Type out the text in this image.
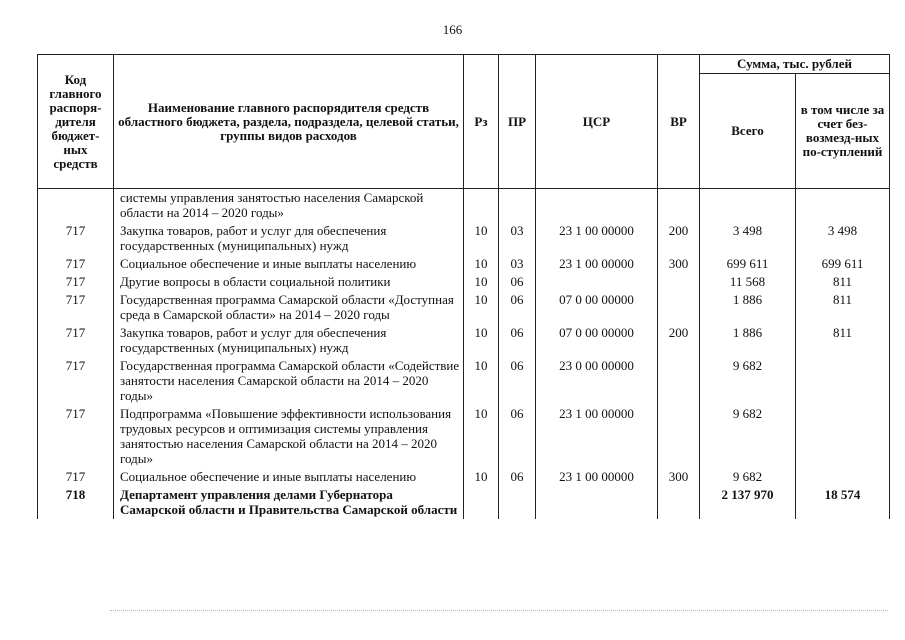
166
Код главного распоря-дителя бюджет-ных средств	Наименование главного распорядителя средств областного бюджета, раздела, подраздела, целевой статьи, группы видов расходов	Рз	ПР	ЦСР	ВР	Сумма, тыс. рублей	
						Всего	в том числе за счет без-возмезд-ных по-ступлений
	системы управления занятостью населения Самарской области на 2014 – 2020 годы»						
717	Закупка товаров, работ и услуг для обеспечения государственных (муниципальных) нужд	10	03	23 1 00 00000	200	3 498	3 498
717	Социальное обеспечение и иные выплаты населению	10	03	23 1 00 00000	300	699 611	699 611
717	Другие вопросы в области социальной политики	10	06			11 568	811
717	Государственная программа Самарской области «Доступная среда в Самарской области» на 2014 – 2020 годы	10	06	07 0 00 00000		1 886	811
717	Закупка товаров, работ и услуг для обеспечения государственных (муниципальных) нужд	10	06	07 0 00 00000	200	1 886	811
717	Государственная программа Самарской области «Содействие занятости населения Самарской области на 2014 – 2020 годы»	10	06	23 0 00 00000		9 682	
717	Подпрограмма «Повышение эффективности использования трудовых ресурсов и оптимизация системы управления занятостью населения Самарской области на 2014 – 2020 годы»	10	06	23 1 00 00000		9 682	
717	Социальное обеспечение и иные выплаты населению	10	06	23 1 00 00000	300	9 682	
718	Департамент управления делами Губернатора Самарской области и Правительства Самарской области					2 137 970	18 574
